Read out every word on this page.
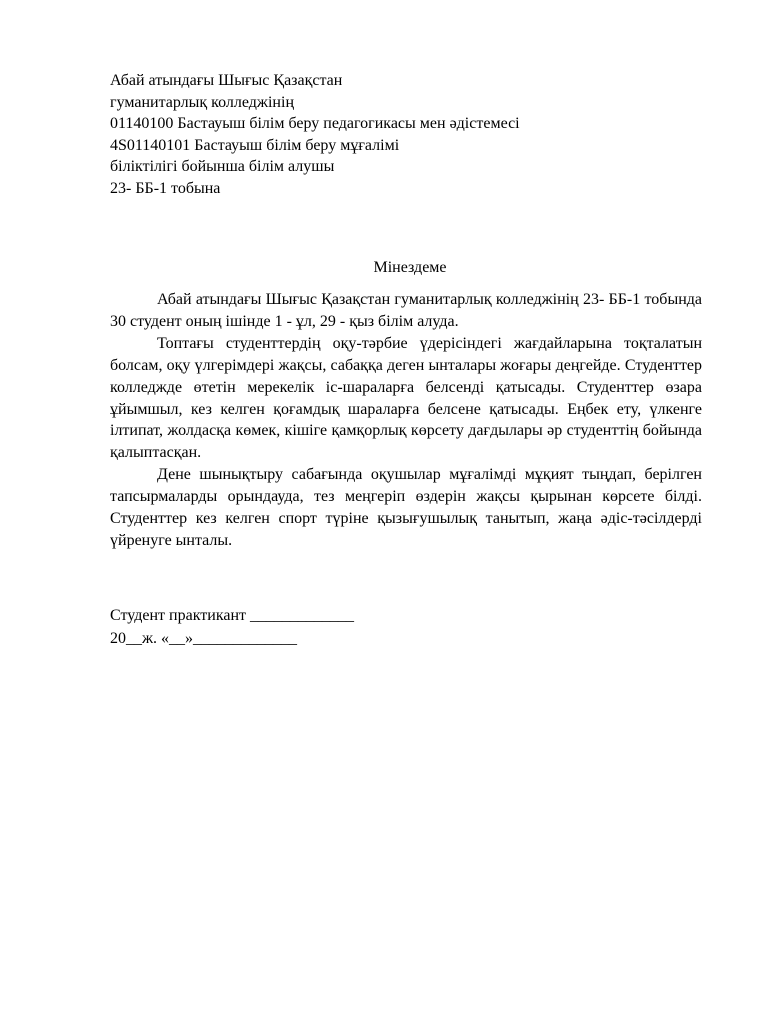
Абай атындағы Шығыс Қазақстан
гуманитарлық колледжінің
01140100 Бастауыш білім беру педагогикасы мен әдістемесі
4S01140101 Бастауыш білім беру мұғалімі
біліктілігі бойынша білім алушы
23- ББ-1 тобына
Мінездеме

Абай атындағы Шығыс Қазақстан гуманитарлық колледжінің 23- ББ-1 тобында 30 студент оның ішінде 1 - ұл, 29 - қыз білім алуда.

Топтағы студенттердің оқу-тәрбие үдерісіндегі жағдайларына тоқталатын болсам, оқу үлгерімдері жақсы, сабаққа деген ынталары жоғары деңгейде. Студенттер колледжде өтетін мерекелік іс-шараларға белсенді қатысады. Студенттер өзара ұйымшыл, кез келген қоғамдық шараларға белсене қатысады. Еңбек ету, үлкенге ілтипат, жолдасқа көмек, кішіге қамқорлық көрсету дағдылары әр студенттің бойында қалыптасқан.

Дене шынықтыру сабағында оқушылар мұғалімді мұқият тыңдап, берілген тапсырмаларды орындауда, тез меңгеріп өздерін жақсы қырынан көрсете білді. Студенттер кез келген спорт түріне қызығушылық танытып, жаңа әдіс-тәсілдерді үйренуге ынталы.

Студент практикант _____________
20__ж. «__»_____________
